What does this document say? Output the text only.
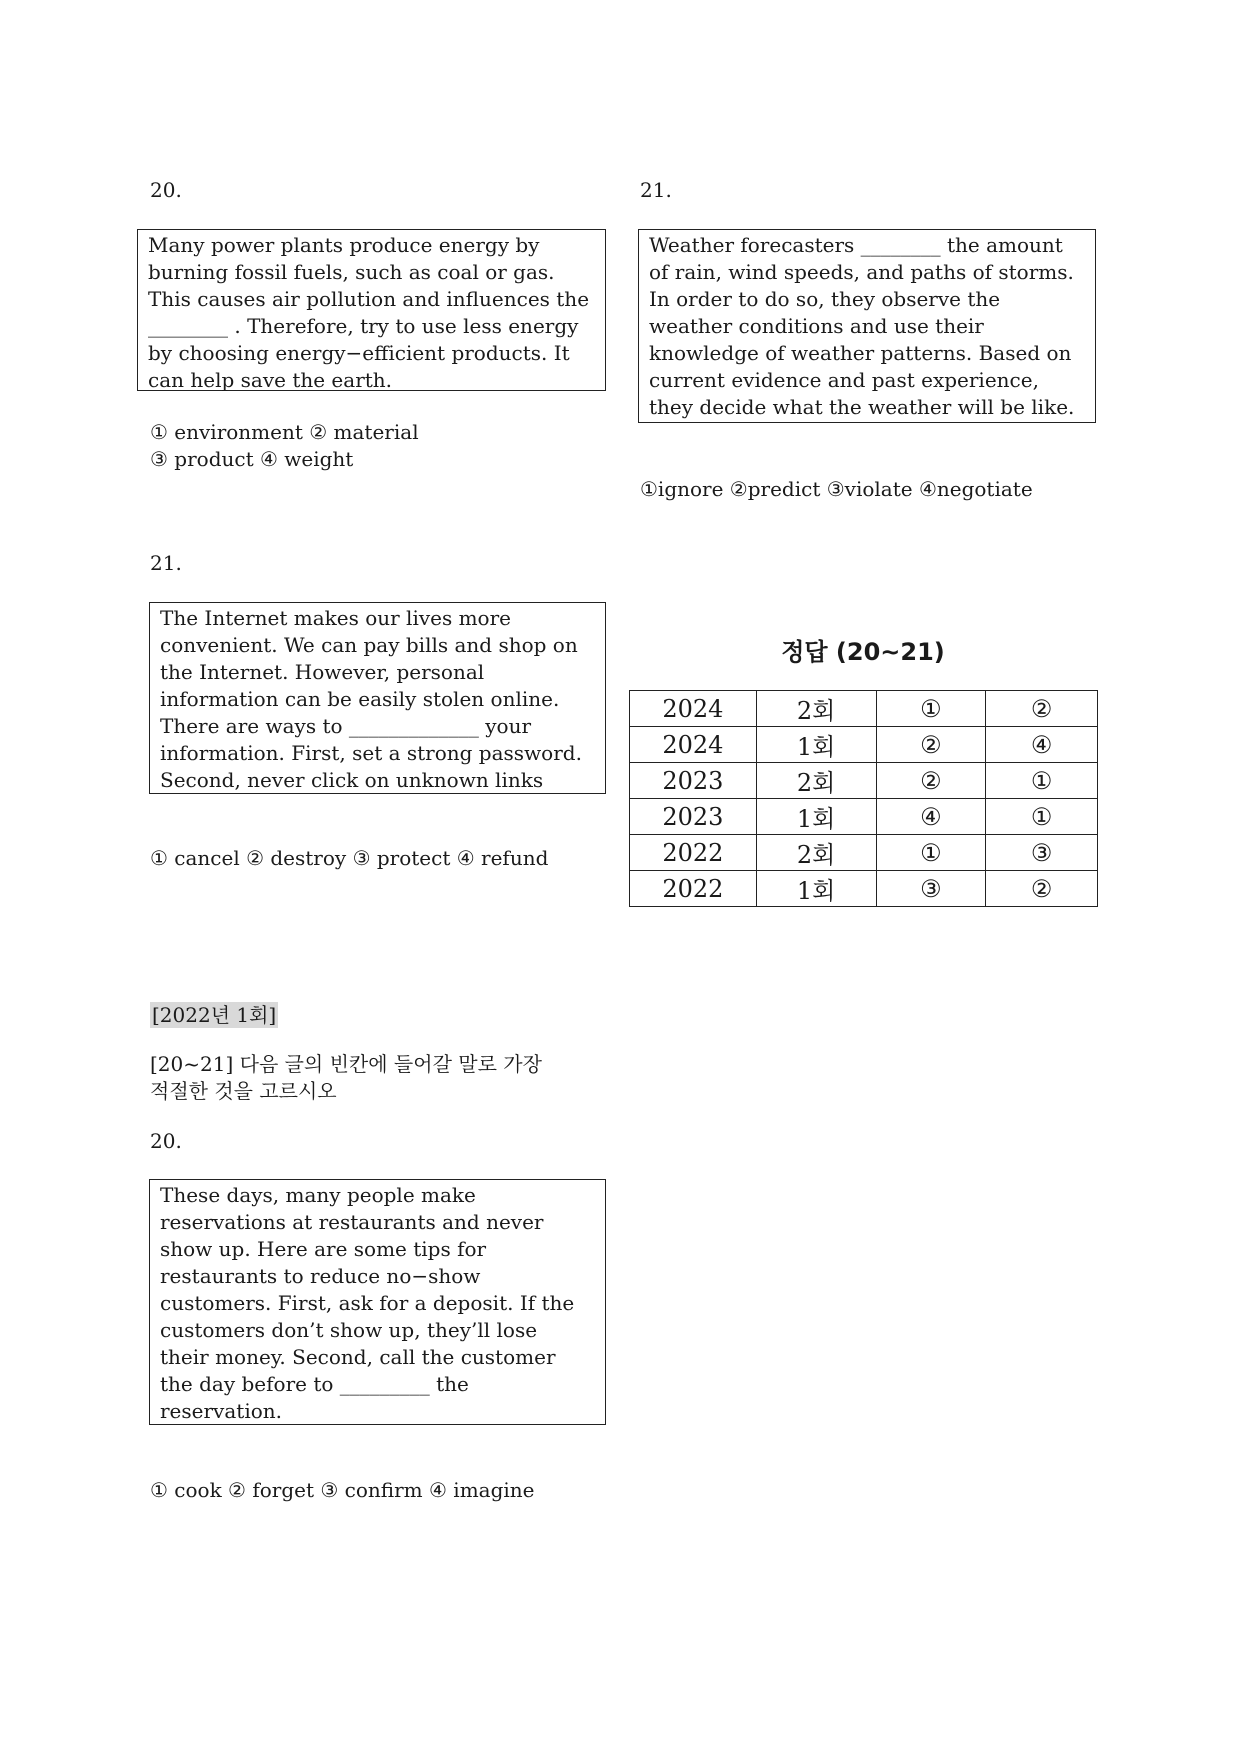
20.
Many power plants produce energy by
burning fossil fuels, such as coal or gas.
This causes air pollution and influences the
________ . Therefore, try to use less energy
by choosing energy−efficient products. It
can help save the earth.
① environment ② material
③ product ④ weight
21.
Weather forecasters ________ the amount
of rain, wind speeds, and paths of storms.
In order to do so, they observe the
weather conditions and use their
knowledge of weather patterns. Based on
current evidence and past experience,
they decide what the weather will be like.
①ignore ②predict ③violate ④negotiate
21.
The Internet makes our lives more
convenient. We can pay bills and shop on
the Internet. However, personal
information can be easily stolen online.
There are ways to _____________ your
information. First, set a strong password.
Second, never click on unknown links
① cancel ② destroy ③ protect ④ refund
정답 (20~21)
2024	2회	①	②
2024	1회	②	④
2023	2회	②	①
2023	1회	④	①
2022	2회	①	③
2022	1회	③	②
[2022년 1회]
[20~21] 다음 글의 빈칸에 들어갈 말로 가장
적절한 것을 고르시오
20.
These days, many people make
reservations at restaurants and never
show up. Here are some tips for
restaurants to reduce no−show
customers. First, ask for a deposit. If the
customers don’t show up, they’ll lose
their money. Second, call the customer
the day before to _________ the
reservation.
① cook ② forget ③ confirm ④ imagine
